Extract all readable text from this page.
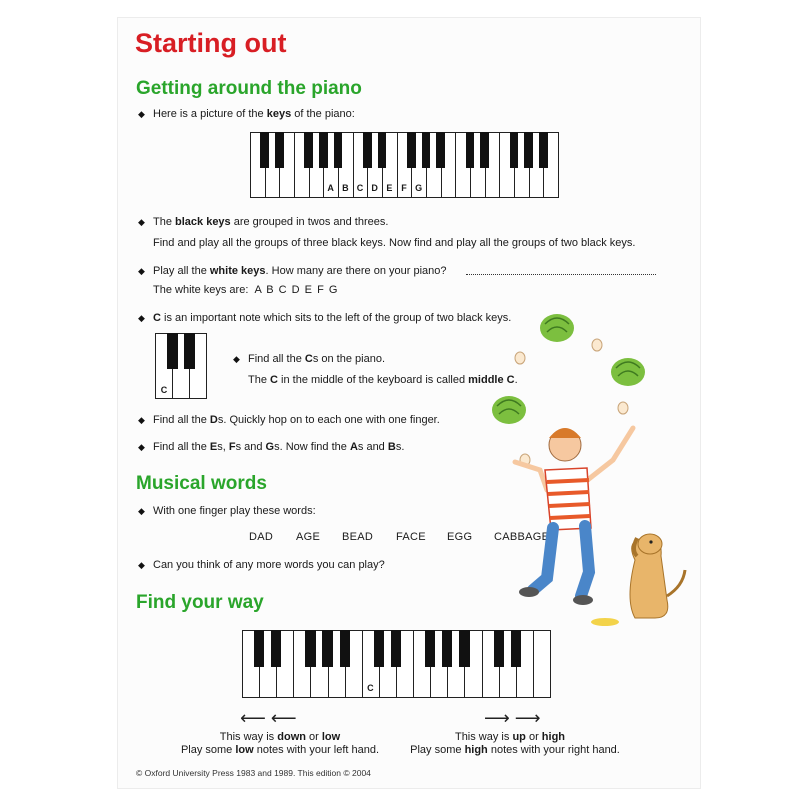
Starting out
Getting around the piano
◆ Here is a picture of the keys of the piano:
A B C D E F G
◆ The black keys are grouped in twos and threes.
Find and play all the groups of three black keys. Now find and play all the groups of two black keys.
◆ Play all the white keys. How many are there on your piano?
The white keys are: A B C D E F G
◆ C is an important note which sits to the left of the group of two black keys.
C
◆ Find all the Cs on the piano.
The C in the middle of the keyboard is called middle C.
◆ Find all the Ds. Quickly hop on to each one with one finger.
◆ Find all the Es, Fs and Gs. Now find the As and Bs.
Musical words
◆ With one finger play these words:
DAD AGE BEAD FACE EGG CABBAGE
◆ Can you think of any more words you can play?
Find your way
C
⟵ ⟵	⟶ ⟶
This way is down or low
Play some low notes with your left hand.
This way is up or high
Play some high notes with your right hand.
© Oxford University Press 1983 and 1989. This edition © 2004
